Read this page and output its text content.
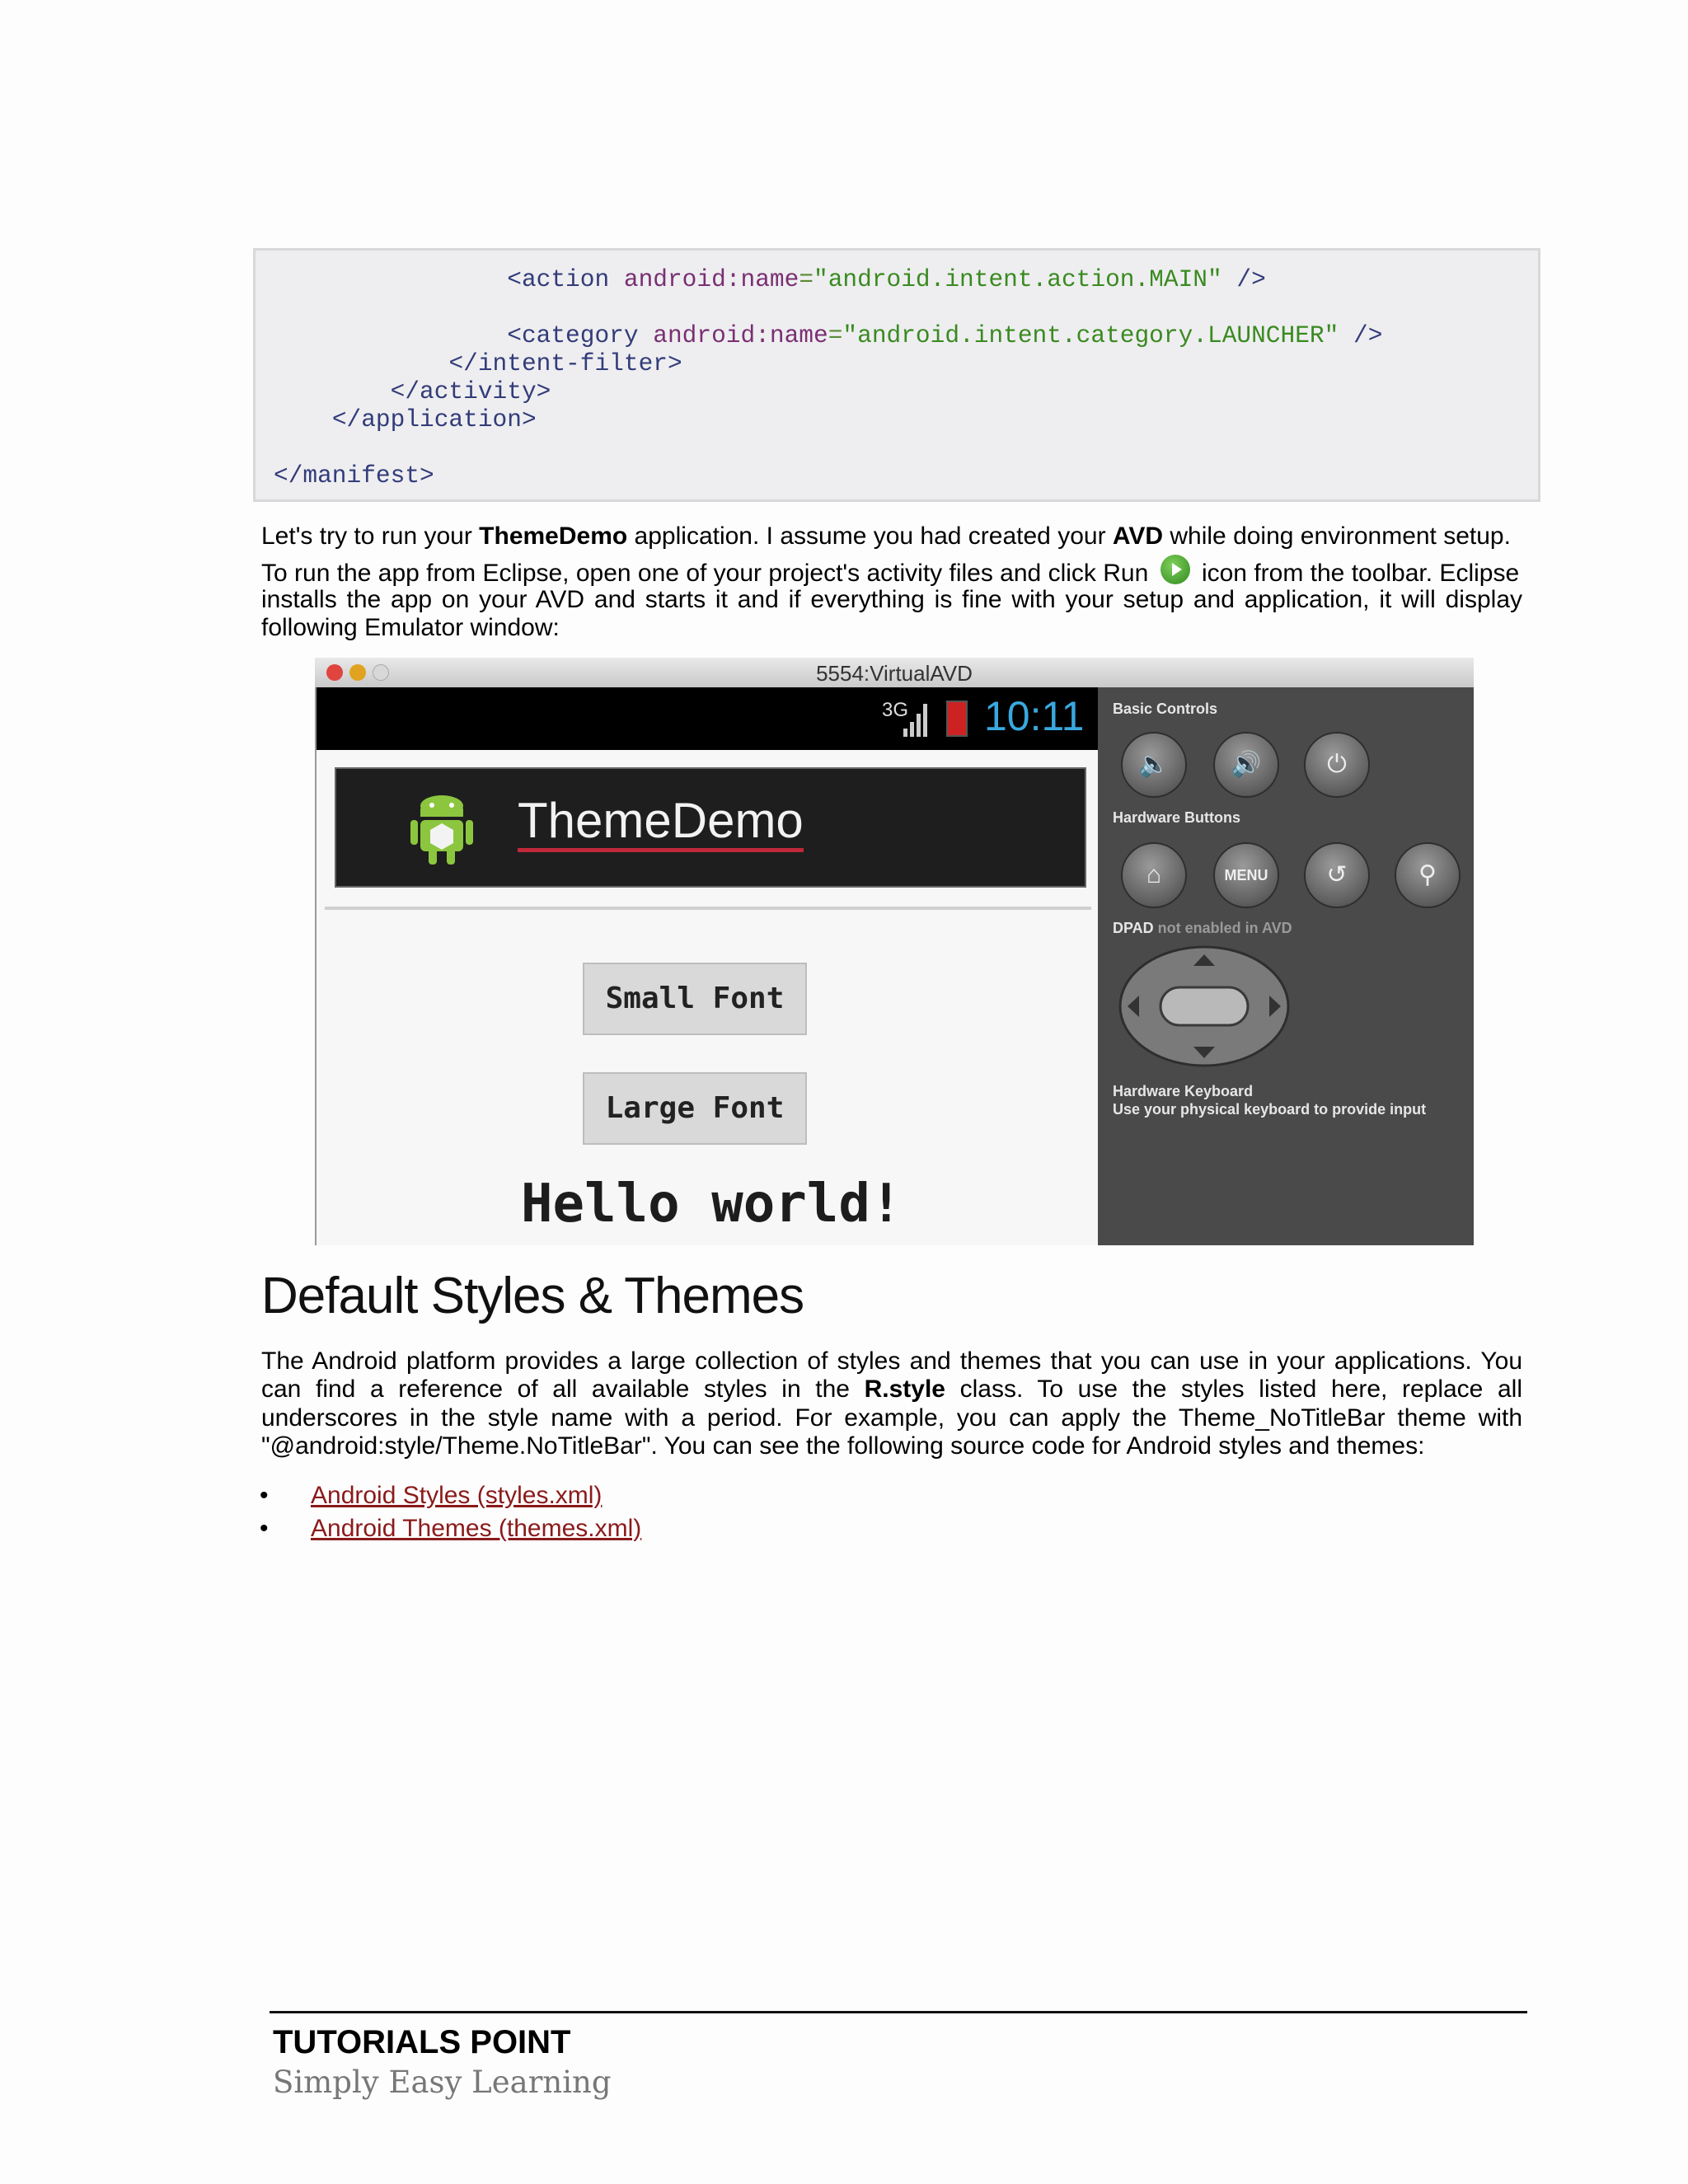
<action android:name="android.intent.action.MAIN" />
<category android:name="android.intent.category.LAUNCHER" />
</intent-filter>
</activity>
</application>
</manifest>
Let's try to run your ThemeDemo application. I assume you had created your AVD while doing environment setup.
To run the app from Eclipse, open one of your project's activity files and click Run  icon from the toolbar. Eclipse
installs the app on your AVD and starts it and if everything is fine with your setup and application, it will display
following Emulator window:
5554:VirtualAVD
3G 10:11
ThemeDemo
Small Font
Large Font
Hello world!
Basic Controls
🔈	🔊	⏻
Hardware Buttons
⌂	MENU	↺	⚲
DPAD not enabled in AVD
Hardware Keyboard
Use your physical keyboard to provide input
Default Styles & Themes
The Android platform provides a large collection of styles and themes that you can use in your applications. You
can find a reference of all available styles in the R.style class. To use the styles listed here, replace all
underscores in the style name with a period. For example, you can apply the Theme_NoTitleBar theme with
"@android:style/Theme.NoTitleBar". You can see the following source code for Android styles and themes:
• Android Styles (styles.xml)
• Android Themes (themes.xml)
TUTORIALS POINT
Simply Easy Learning
